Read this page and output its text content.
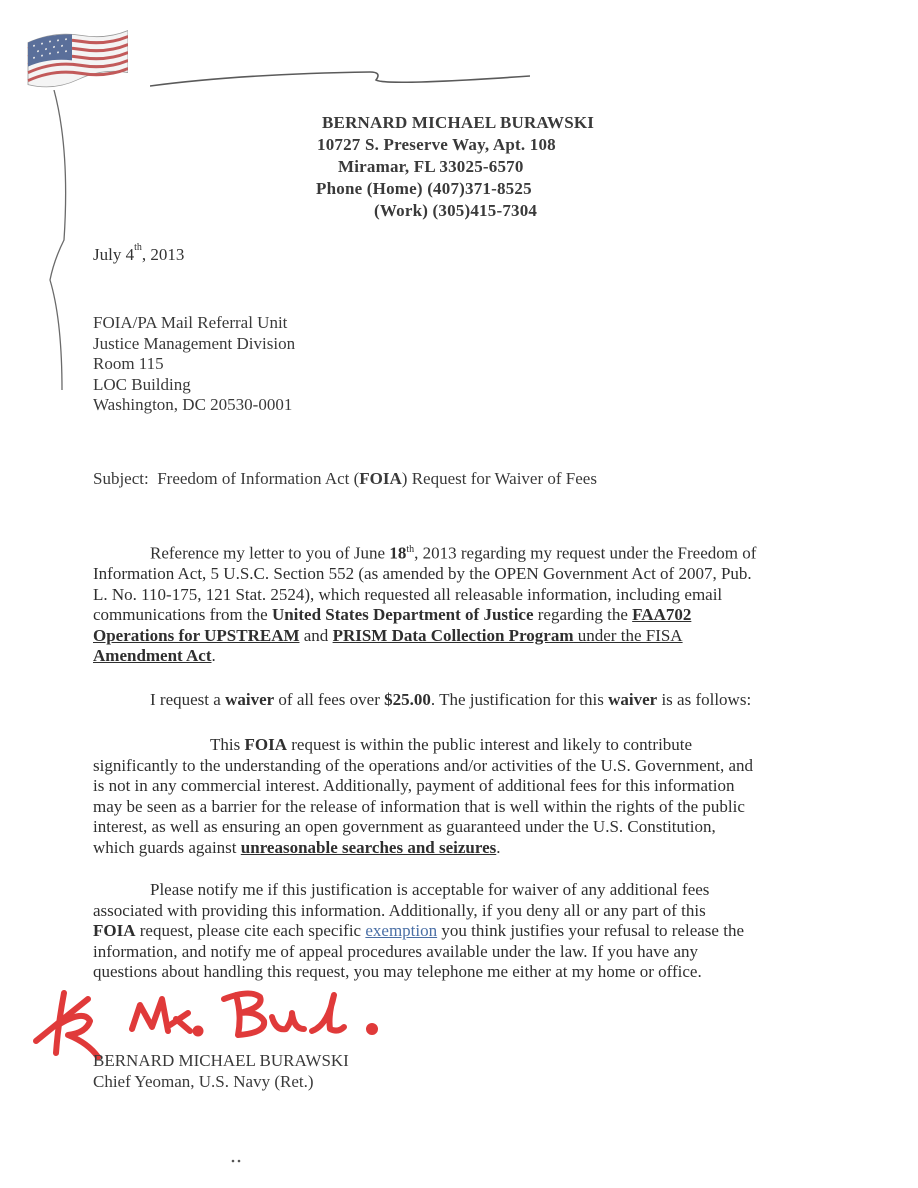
BERNARD MICHAEL BURAWSKI
10727 S. Preserve Way, Apt. 108
Miramar, FL 33025-6570
Phone (Home) (407)371-8525
(Work) (305)415-7304
July 4th, 2013
FOIA/PA Mail Referral Unit
Justice Management Division
Room 115
LOC Building
Washington, DC 20530-0001
Subject: Freedom of Information Act (FOIA) Request for Waiver of Fees
Reference my letter to you of June 18th, 2013 regarding my request under the Freedom of
Information Act, 5 U.S.C. Section 552 (as amended by the OPEN Government Act of 2007, Pub.
L. No. 110-175, 121 Stat. 2524), which requested all releasable information, including email
communications from the United States Department of Justice regarding the FAA702
Operations for UPSTREAM and PRISM Data Collection Program under the FISA
Amendment Act.
I request a waiver of all fees over $25.00. The justification for this waiver is as follows:
This FOIA request is within the public interest and likely to contribute
significantly to the understanding of the operations and/or activities of the U.S. Government, and
is not in any commercial interest. Additionally, payment of additional fees for this information
may be seen as a barrier for the release of information that is well within the rights of the public
interest, as well as ensuring an open government as guaranteed under the U.S. Constitution,
which guards against unreasonable searches and seizures.
Please notify me if this justification is acceptable for waiver of any additional fees
associated with providing this information. Additionally, if you deny all or any part of this
FOIA request, please cite each specific exemption you think justifies your refusal to release the
information, and notify me of appeal procedures available under the law. If you have any
questions about handling this request, you may telephone me either at my home or office.
BERNARD MICHAEL BURAWSKI
Chief Yeoman, U.S. Navy (Ret.)
